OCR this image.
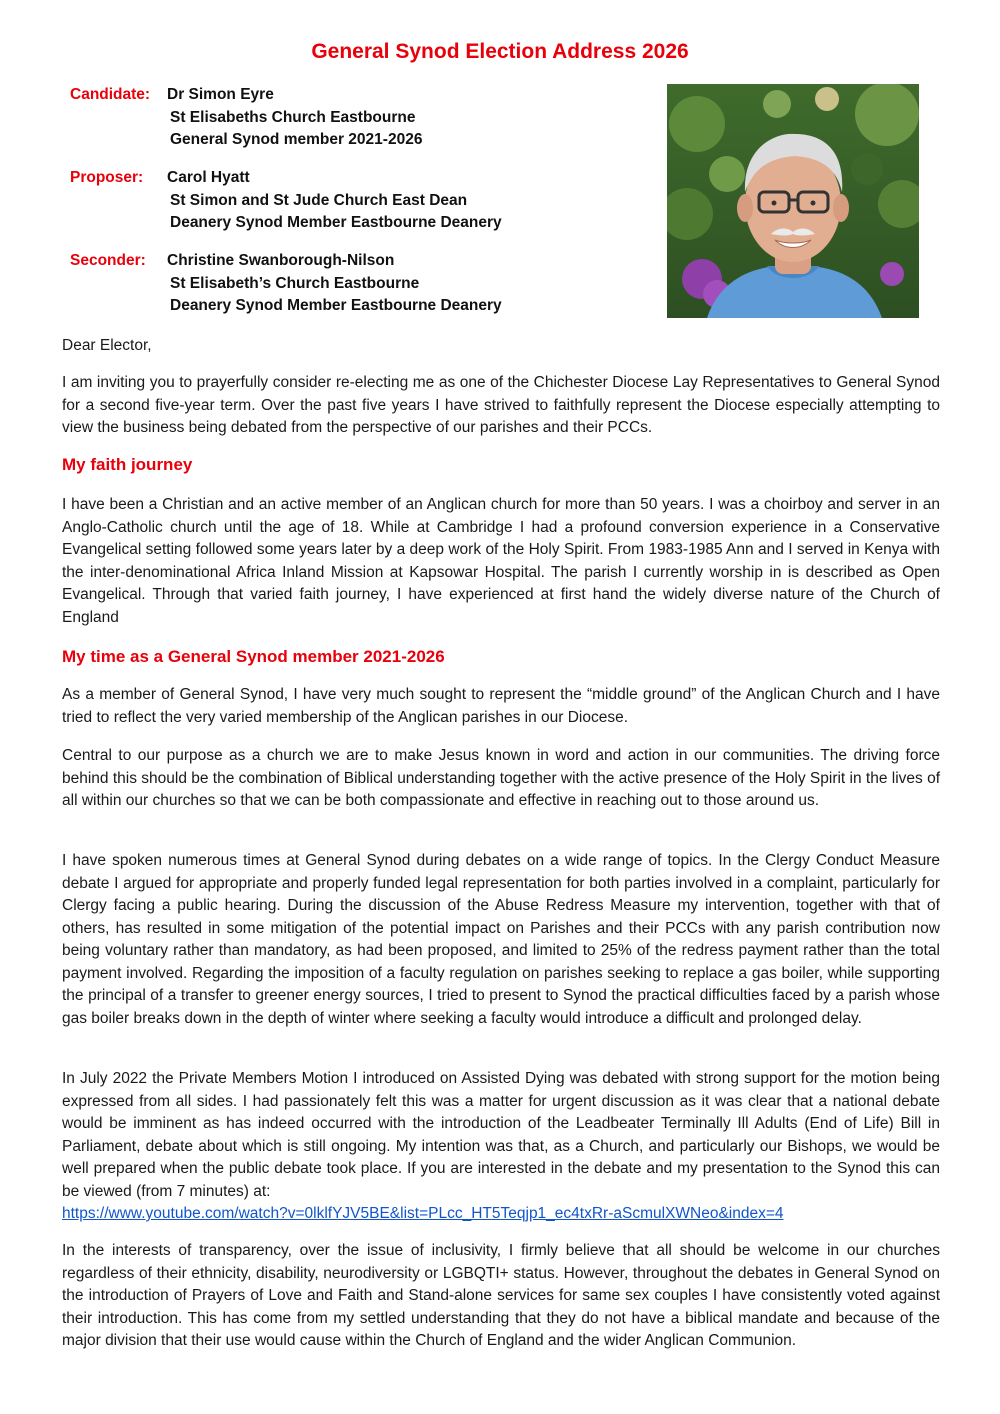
General Synod Election Address 2026
Candidate: Dr Simon Eyre
St Elisabeths Church Eastbourne
General Synod member 2021-2026
Proposer: Carol Hyatt
St Simon and St Jude Church East Dean
Deanery Synod Member Eastbourne Deanery
Seconder: Christine Swanborough-Nilson
St Elisabeth’s Church Eastbourne
Deanery Synod Member Eastbourne Deanery

Dear Elector,

I am inviting you to prayerfully consider re-electing me as one of the Chichester Diocese Lay Representatives to General Synod for a second five-year term. Over the past five years I have strived to faithfully represent the Diocese especially attempting to view the business being debated from the perspective of our parishes and their PCCs.

My faith journey

I have been a Christian and an active member of an Anglican church for more than 50 years. I was a choirboy and server in an Anglo-Catholic church until the age of 18. While at Cambridge I had a profound conversion experience in a Conservative Evangelical setting followed some years later by a deep work of the Holy Spirit. From 1983-1985 Ann and I served in Kenya with the inter-denominational Africa Inland Mission at Kapsowar Hospital. The parish I currently worship in is described as Open Evangelical. Through that varied faith journey, I have experienced at first hand the widely diverse nature of the Church of England

My time as a General Synod member 2021-2026

As a member of General Synod, I have very much sought to represent the “middle ground” of the Anglican Church and I have tried to reflect the very varied membership of the Anglican parishes in our Diocese.

Central to our purpose as a church we are to make Jesus known in word and action in our communities. The driving force behind this should be the combination of Biblical understanding together with the active presence of the Holy Spirit in the lives of all within our churches so that we can be both compassionate and effective in reaching out to those around us.

I have spoken numerous times at General Synod during debates on a wide range of topics. In the Clergy Conduct Measure debate I argued for appropriate and properly funded legal representation for both parties involved in a complaint, particularly for Clergy facing a public hearing. During the discussion of the Abuse Redress Measure my intervention, together with that of others, has resulted in some mitigation of the potential impact on Parishes and their PCCs with any parish contribution now being voluntary rather than mandatory, as had been proposed, and limited to 25% of the redress payment rather than the total payment involved. Regarding the imposition of a faculty regulation on parishes seeking to replace a gas boiler, while supporting the principal of a transfer to greener energy sources, I tried to present to Synod the practical difficulties faced by a parish whose gas boiler breaks down in the depth of winter where seeking a faculty would introduce a difficult and prolonged delay.

In July 2022 the Private Members Motion I introduced on Assisted Dying was debated with strong support for the motion being expressed from all sides. I had passionately felt this was a matter for urgent discussion as it was clear that a national debate would be imminent as has indeed occurred with the introduction of the Leadbeater Terminally Ill Adults (End of Life) Bill in Parliament, debate about which is still ongoing. My intention was that, as a Church, and particularly our Bishops, we would be well prepared when the public debate took place. If you are interested in the debate and my presentation to the Synod this can be viewed (from 7 minutes) at:

https://www.youtube.com/watch?v=0lklfYJV5BE&list=PLcc_HT5Teqjp1_ec4txRr-aScmulXWNeo&index=4

In the interests of transparency, over the issue of inclusivity, I firmly believe that all should be welcome in our churches regardless of their ethnicity, disability, neurodiversity or LGBQTI+ status. However, throughout the debates in General Synod on the introduction of Prayers of Love and Faith and Stand-alone services for same sex couples I have consistently voted against their introduction. This has come from my settled understanding that they do not have a biblical mandate and because of the major division that their use would cause within the Church of England and the wider Anglican Communion.
